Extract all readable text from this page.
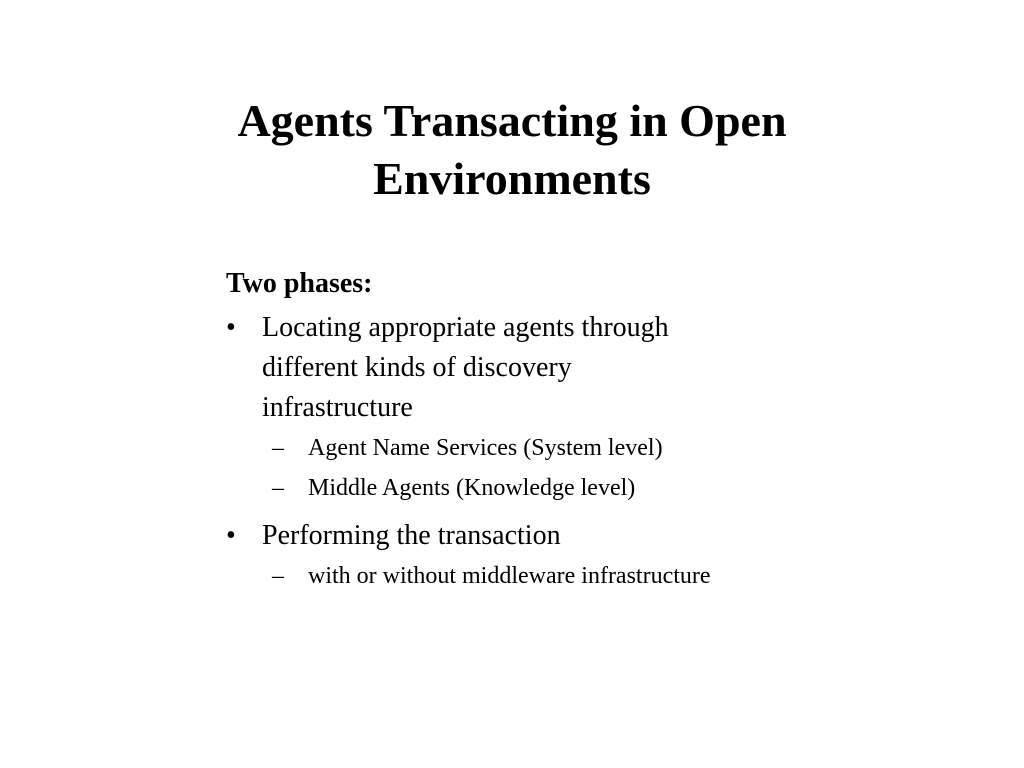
Agents Transacting in Open
Environments

Two phases:

• Locating appropriate agents through
different kinds of discovery
infrastructure
– Agent Name Services (System level)
– Middle Agents (Knowledge level)
• Performing the transaction
– with or without middleware infrastructure
